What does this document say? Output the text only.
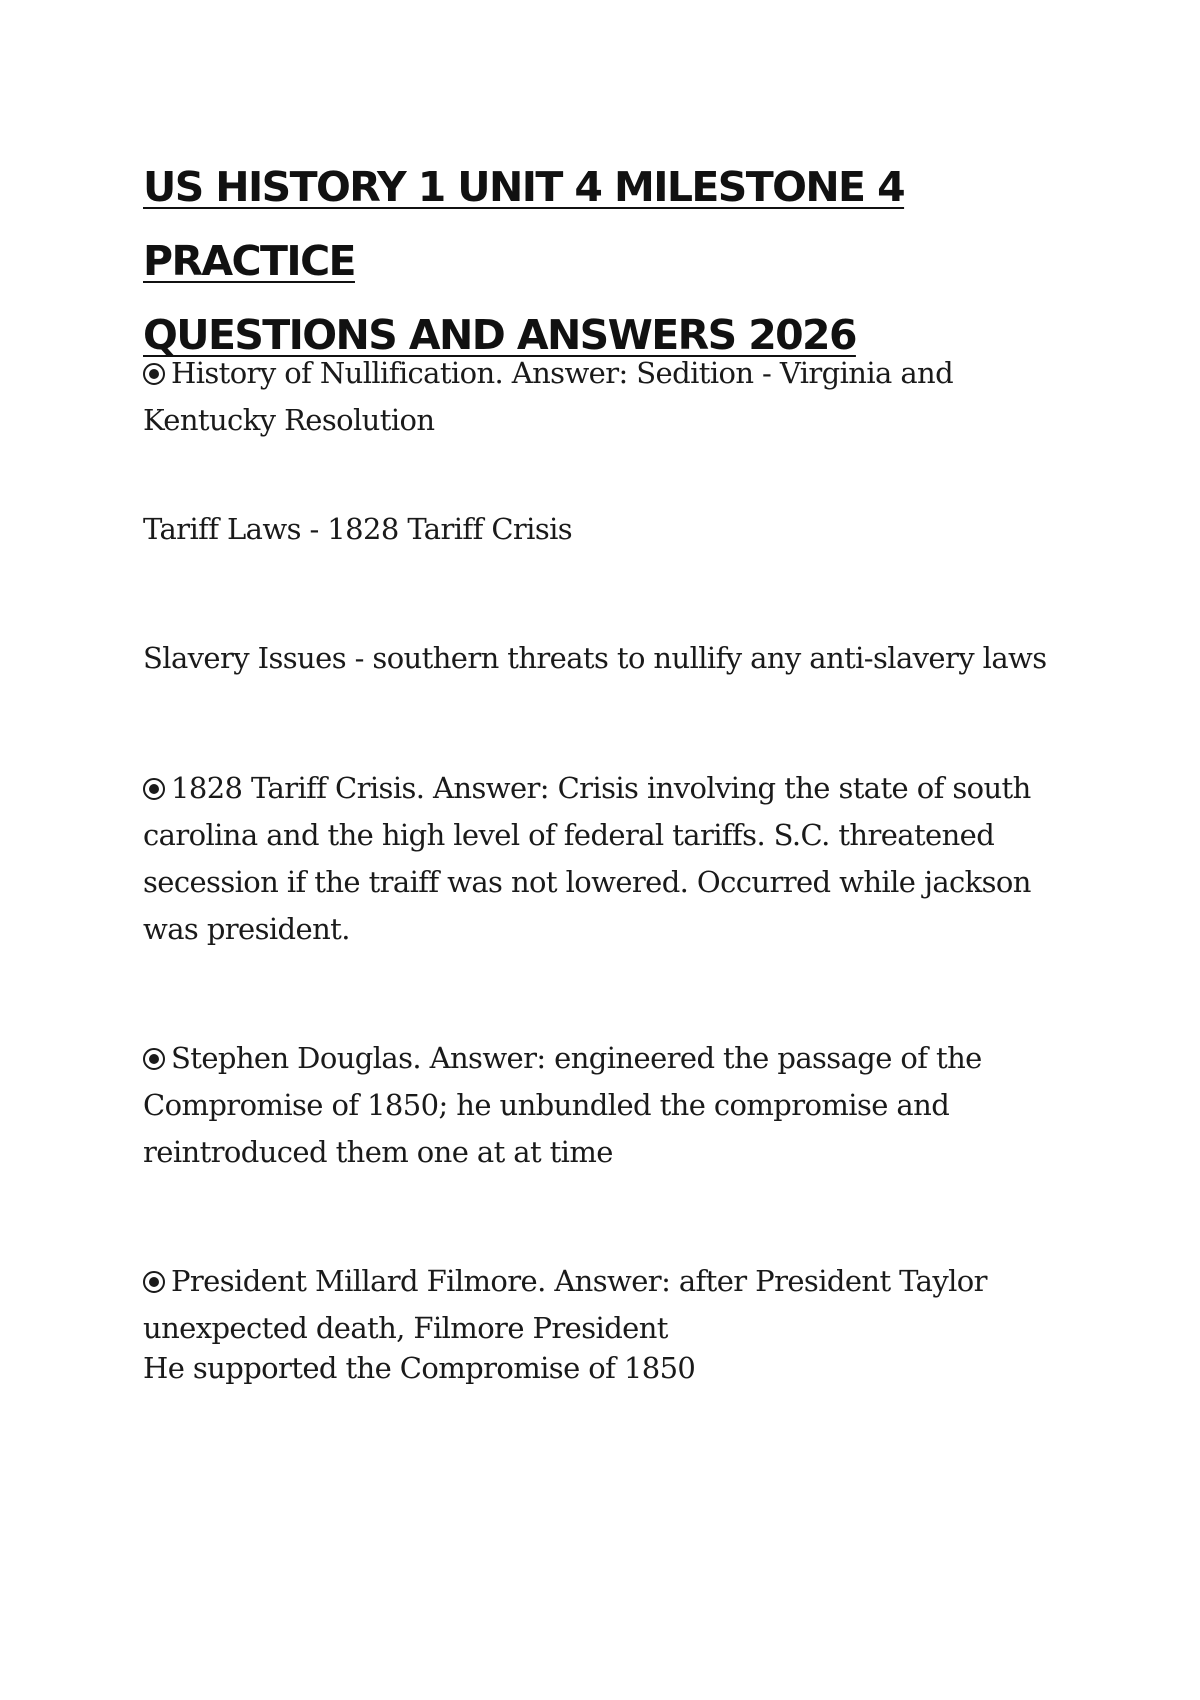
US HISTORY 1 UNIT 4 MILESTONE 4 PRACTICE
QUESTIONS AND ANSWERS 2026

History of Nullification. Answer: Sedition - Virginia and Kentucky Resolution

Tariff Laws - 1828 Tariff Crisis

Slavery Issues - southern threats to nullify any anti-slavery laws

1828 Tariff Crisis. Answer: Crisis involving the state of south carolina and the high level of federal tariffs. S.C. threatened secession if the traiff was not lowered. Occurred while jackson was president.

Stephen Douglas. Answer: engineered the passage of the Compromise of 1850; he unbundled the compromise and reintroduced them one at at time

President Millard Filmore. Answer: after President Taylor unexpected death, Filmore President

He supported the Compromise of 1850
